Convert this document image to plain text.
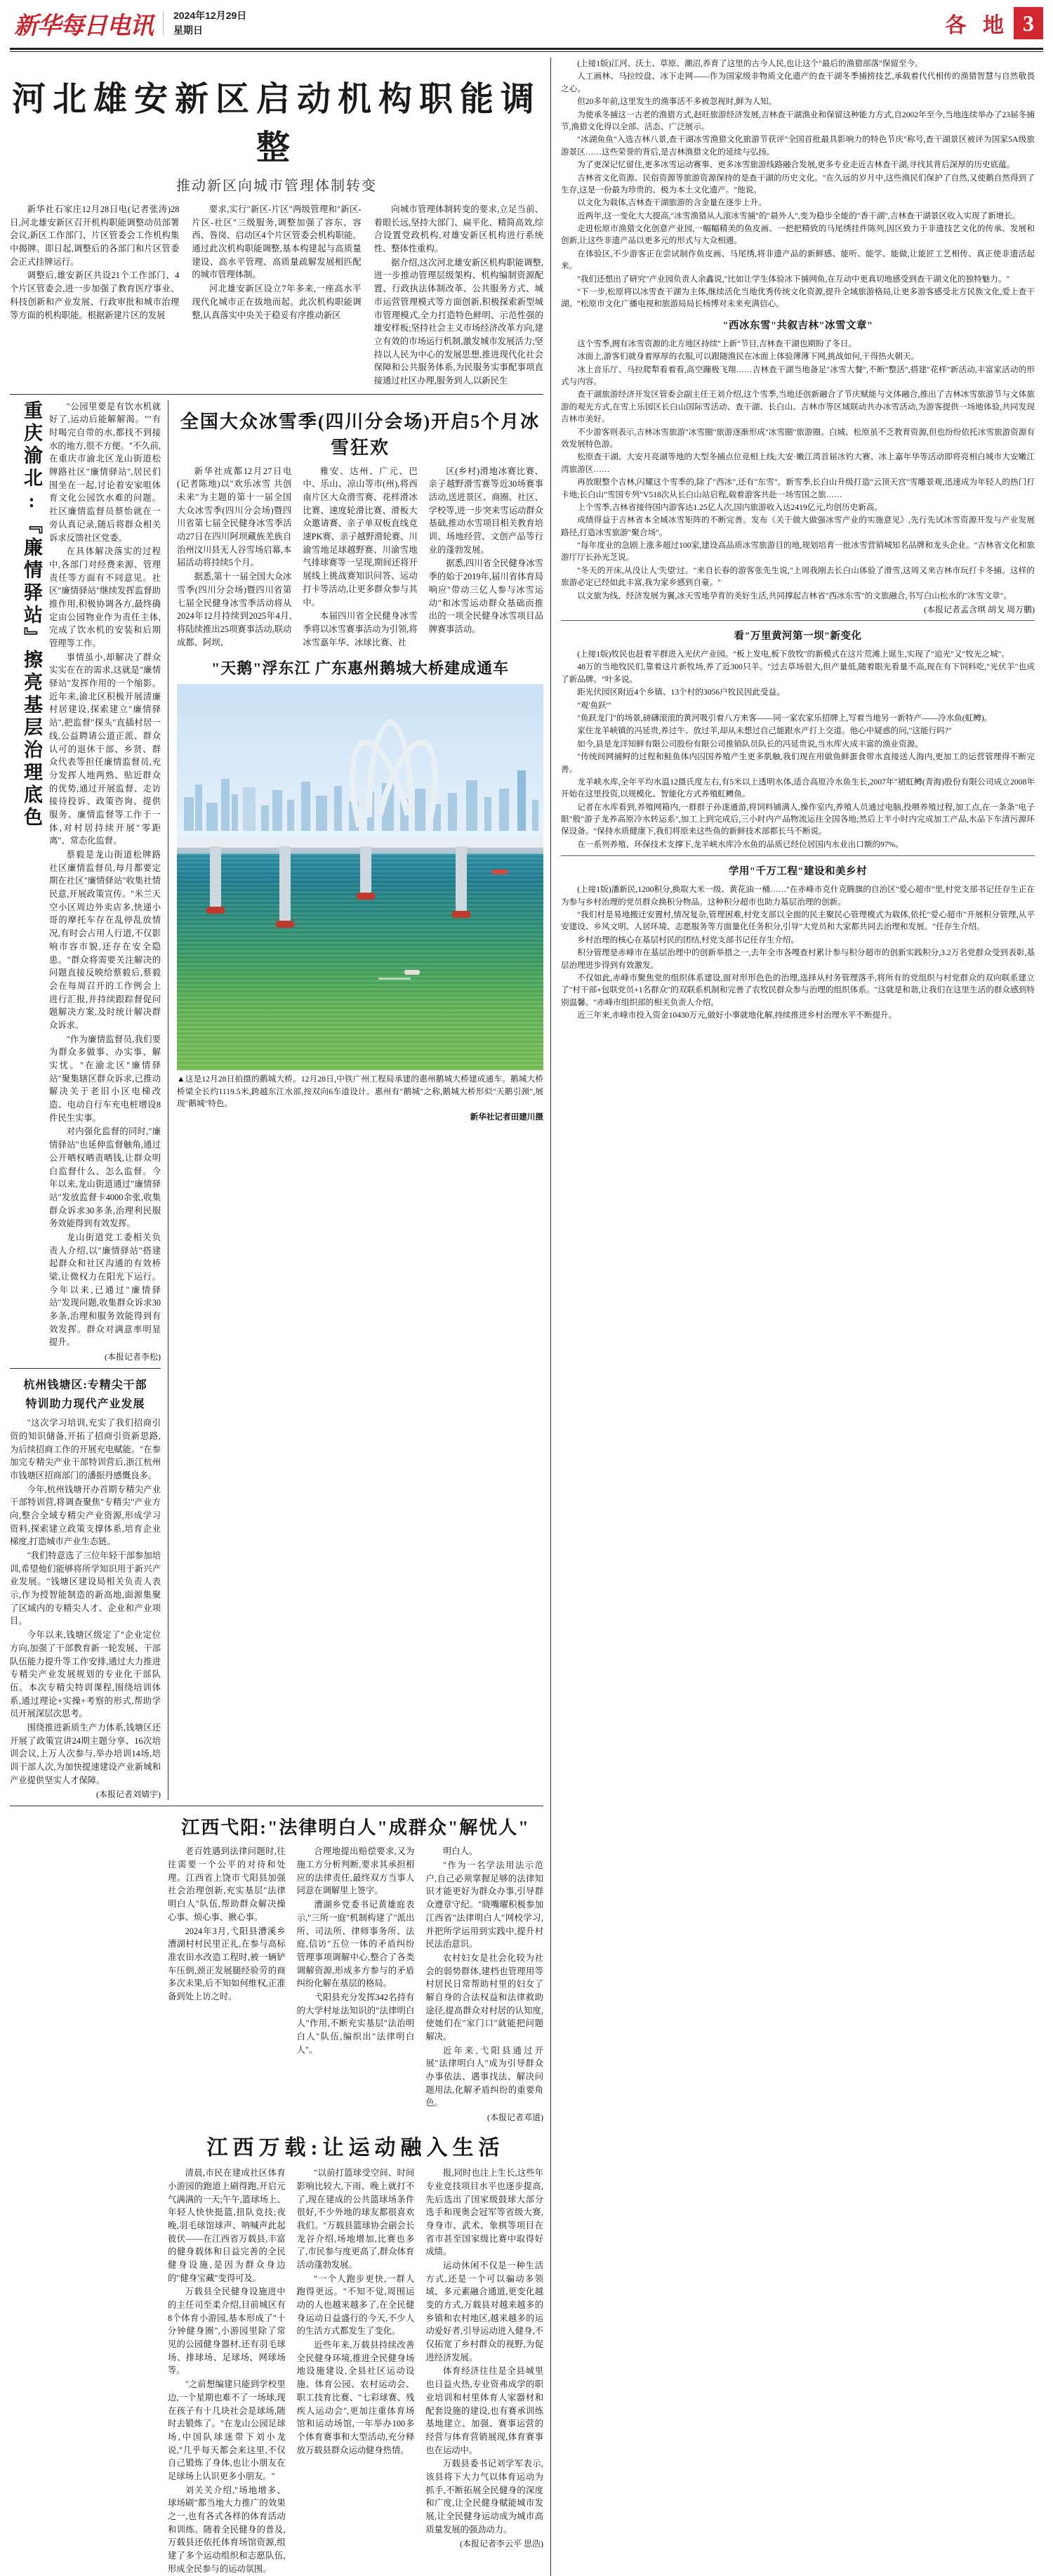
新华每日电讯 2024年12月29日
星期日	各 地 3
河北雄安新区启动机构职能调整
推动新区向城市管理体制转变

新华社石家庄12月28日电(记者张涛)28日,河北雄安新区召开机构职能调整动员部署会议,新区工作部门、片区管委会工作机构集中揭牌。即日起,调整后的各部门和片区管委会正式挂牌运行。

调整后,雄安新区共设21个工作部门、4个片区管委会,进一步加强了教育医疗事业、科技创新和产业发展、行政审批和城市治理等方面的机构职能。根据新建片区的发展

要求,实行"新区-片区"两级管理和"新区-片区-社区"三级服务,调整加强了容东、容西、昝岗、启动区4个片区管委会机构职能。通过此次机构职能调整,基本构建起与高质量建设、高水平管理、高质量疏解发展相匹配的城市管理体制。

河北雄安新区设立7年多来,一座高水平现代化城市正在拔地而起。此次机构职能调整,认真落实中央关于稳妥有序推动新区

向城市管理体制转变的要求,立足当前、着眼长远,坚持大部门、扁平化、精简高效,综合设置党政机构,对雄安新区机构进行系统性、整体性重构。

据介绍,这次河北雄安新区机构职能调整,进一步推动管理层级架构、机构编制资源配置、行政执法体制改革、公共服务方式、城市运营管理模式等方面创新,积极探索新型城市管理模式,全力打造特色鲜明、示范性强的雄安样板;坚持社会主义市场经济改革方向,建立有效的市场运行机制,激发城市发展活力;坚持以人民为中心的发展思想,推进现代化社会保障和公共服务体系,为民服务实事配事项直接通过社区办理,服务到人,以新民生

重庆渝北:『廉情驿站』擦亮基层治理底色	"公园里要是有饮水机就好了,运动后能解解渴。""有时喝完自带的水,都找不到接水的地方,很不方便。"不久前,在重庆市渝北区龙山街道松牌路社区"廉情驿站",居民们围坐在一起,讨论着安家咀体育文化公园饮水难的问题。社区廉情监督员蔡怡就在一旁认真记录,随后将群众相关诉求反馈社区党委。

在具体解决落实的过程中,各部门对经费来源、管理责任等方面有不同意见。社区"廉情驿站"继续发挥监督助推作用,积极协调各方,最终确定由公园物业作为责任主体,完成了饮水机的安装和后期管理等工作。

事情虽小,却解决了群众实实在在的需求,这就是"廉情驿站"发挥作用的一个缩影。近年来,渝北区积极开展清廉村居建设,探索建立"廉情驿站",把监督"探头"直插村居一线,公益聘请公道正派、群众认可的退休干部、乡贤、群众代表等担任廉情监督员,充分发挥人地两熟、贴近群众的优势,通过开展监督、走访接待投诉、政策咨询、提供服务、廉情监督等工作于一体,对村居持续开展"零距离"、常态化监督。

蔡毅是龙山街道松牌路社区廉情监督员,每月都要定期在社区"廉情驿站"收集社情民意,开展政策宣传。"米兰天空小区周边外卖店多,快递小哥的摩托车存在乱停乱放情况,有时会占用人行道,不仅影响市容市貌,还存在安全隐患。"群众将需要关注解决的问题直接反映给蔡毅后,蔡毅会在每周召开的工作例会上进行汇报,并持续跟踪督促问题解决方案,及时统计解决群众诉求。

"作为廉情监督员,我们要为群众多做事、办实事、解实忧。"在渝北区"廉情驿站"聚集辖区群众诉求,已推动解决关于老旧小区电梯改造、电动自行车充电桩增设8件民生实事。

对内强化监督的同时,"廉情驿站"也延伸监督触角,通过公开晒权晒责晒钱,让群众明白监督什么、怎么监督。今年以来,龙山街道通过"廉情驿站"发放监督卡4000余张,收集群众诉求30多条,治理利民服务效能得到有效发挥。

龙山街道党工委相关负责人介绍,以"廉情驿站"搭建起群众和社区沟通的有效桥梁,让微权力在阳光下运行。今年以来,已通过"廉情驿站"发现问题,收集群众诉求30多条,治理和服务效能得到有效发挥。群众对满意率明显提升。

(本报记者李松)
杭州钱塘区:专精尖干部
特训助力现代产业发展

"这次学习培训,充实了我们招商引资的知识储备,开拓了招商引资新思路,为后续招商工作的开展充电赋能。"在参加完专精尖产业干部特训营后,浙江杭州市钱塘区招商部门的潘振丹感慨良多。

今年,杭州钱塘开办首期专精尖产业干部特训营,将调查聚焦"专精尖"产业方向,整合全域专精尖产业资源,形成学习资料,探索建立政策支撑体系,培育企业梯度,打造城市产业生态链。

"我们特意选了三位年轻干部参加培训,希望他们能够将所学知识用于新兴产业发展。"钱塘区建设局相关负责人表示,作为授智能制造的新高地,面源集聚了区域内的专精尖人才、企业和产业项目。

今年以来,钱塘区级定了"企业定位方向,加强了干部教育新一轮发展、干部队伍能力提升等工作安排,通过大力推进专精尖产业发展规划的专业化干部队伍。本次专精尖特训课程,围绕培训体系,通过理论+实操+考察的形式,帮助学员开展深层次思考。

围绕推进新质生产力体系,钱塘区还开展了政策宣讲24期主题分享、16次培训会议,上万人次参与,举办培训14场,培训干部人次,为加快提速建设产业新城和产业提供坚实人才保障。

(本报记者刘婧宇)
全国大众冰雪季(四川分会场)开启5个月冰雪狂欢

新华社成都12月27日电(记者陈地)以"欢乐冰雪 共创未来"为主题的第十一届全国大众冰雪季(四川分会场)暨四川省第七届全民健身冰雪季活动27日在四川阿坝藏族羌族自治州汶川县无人谷雪场启幕,本届活动将持续5个月。

据悉,第十一届全国大众冰雪季(四川分会场)暨四川省第七届全民健身冰雪季活动将从2024年12月持续到2025年4月,将陆续推出25项赛事活动,联动成都、阿坝、

雅安、达州、广元、巴中、乐山、凉山等市(州),将西南片区大众滑雪赛、花样滑冰比赛、速度轮滑比赛、滑板大众邀请赛、亲子单双板直线竞速PK赛、亲子越野滑轮赛、川渝雪地足球越野赛、川渝雪地气排球赛等一呈现,期间还将开展线上挑战赛知识问答、运动打卡等活动,让更多群众参与其中。

本届四川省全民健身冰雪季将以冰雪赛事活动为引领,将冰雪嘉年华、冰球比赛、社

区(乡村)滑地冰赛比赛、亲子越野滑雪赛等近30场赛事活动,送进景区、商圈、社区、学校等,进一步突来雪运动群众基础,推动水雪项目相关教育培训、场地经营、文创产品等行业的蓬勃发展。

据悉,四川省全民健身冰雪季的始于2019年,届川省体育局响应"带动三亿人参与冰雪运动"和冰雪运动群众基础而推出的一项全民健身冰雪项目品牌赛事活动。

"天鹅"浮东江 广东惠州鹅城大桥建成通车

▲这是12月28日拍摄的鹅城大桥。12月28日,中铁广州工程局承建的惠州鹅城大桥建成通车。鹅城大桥桥梁全长约1119.5米,跨越东江水部,按双向6车道设计。惠州有"鹅城"之称,鹅城大桥形似"天鹅引颈",展现"鹅城"特色。

新华社记者田建川摄
江西弋阳:"法律明白人"成群众"解忧人"

老百姓遇到法律问题时,往往需要一个公平的对待和处理。江西省上饶市弋阳县加强社会治理创新,充实基层"法律明白人"队伍,帮助群众解决操心事、烦心事、揪心事。

2024年3月,弋阳县漕溪乡漕湖村村民里正礼,在参与高标准农田水改造工程时,被一辆铲车压倒,颈正发展腿经验劳的商多次未果,后不知如何维权,正准备到处上访之时。

合理地提出赔偿要求,又为施工方分析判断,要求其承担相应的法律责任,最终双方当事人同意在调解里上签字。

漕湖乡党委书记黄雄庭表示,"三所一庭"机制构建了"派出所、司法所、律师事务所、法庭,信访"五位一体的矛盾纠纷管理事项调解中心,整合了各类调解资源,形成多方参与的矛盾纠纷化解在基层的格局。

弋阳县充分发挥342名持有的大学村址法知识的"法律明白人"作用,不断充实基层"法治明白人"队伍,编织出"法律明白人"。

明白人。

"作为一名学法用法示范户,自己必须掌握足够的法律知识才能更好为群众办事,引导群众遵章守纪。"晓嘴曜积极参加江西省"法律明白人"网校学习,并把所学运用到实践中,提升村民法治意识。

农村妇女是社会化较为社会的弱势群体,建档也管理用等村居民日常帮助村里的妇女了解自身的合法权益和法律救助途径,提高群众对村居的认知度,使她们在"家门口"就能把问题解决。

近年来,弋阳县通过开展"法律明白人"成为引导群众办事依法、遇事找法、解决问题用法,化解矛盾纠纷的重要角色。

(本报记者邓道)
江西万载:让运动融入生活

清晨,市民在建成社区体育小游园的跑道上刷得跑,开启元气满满的一天;午午,篮球场上、年轻人快快挺篮,扭队竞技;夜晚,羽毛球馆球声、呐喊声此起彼伏——在江西省万载县,丰富的健身载体和日益完善的全民健身设施,是因为群众身边的"健身宝藏"变得可及。

万载县全民健身设施进中的主任司至柔介绍,目前城区有8个体育小游园,基本形成了"十分钟健身圈",小游园里除了常见的公园健身器材,还有羽毛球场、排球场、足球场、网球场等。

"之前想编建只能到学校里边,一个星期也难不了一场球,现在孩子有十几块社会是球场,随时去锻炼了。"在龙山公园足球场,中国队球迷带下刘小龙说,"几乎每天都会来这里,不仅自己锻炼了身体,也让小朋友在足球场上认识更多小朋友。"

刘关关介绍,"场地增多、球场刷"都当地大力推广的效果之一,也有各式各样的体育活动和训练。随着全民健身的普及,万载县还依托体育场馆资源,组建了多个运动组织和志愿队伍,形成全民参与的运动氛围。

"以前打篮球受空间、时间影响比较大,下雨、晚上就打不了,现在建成的公共篮球场条件很好,不少外地的球友都很喜欢我们。"万载县篮球协会副会长龙谷介绍,场地增加,比赛也多了,市民参与度更高了,群众体育活动蓬勃发展。

"一个人跑步更快,一群人跑得更远。"不知不觉,周围运动的人也越来越多了,在全民健身运动日益盛行的今天,不少人的生活方式都发生了变化。

近些年来,万载县持续改善全民健身环境,推进全民健身场地设施建设,全县社区运动设施、体育公园、农村运动会、职工技育比赛、"七彩球赛、残疾人运动会",更加注重体育场馆和运动场馆,一年举办100多个体育赛事和大型活动,充分释放万载县群众运动健身热情。

报,同时也注上生长,这些年专业竞技项目水平也逐步提高,先后选出了国家级鼓球大部分选手和现奥会冠军等省级大赛,身身市、武术、象棋等项目在省市甚至国家级比赛中取得好成绩。

运动休闲不仅是一种生活方式,还是一个可以骗动多领域、多元素融合通道,更变化越变的方式,万载县对越来越多的乡镇和农村地区,越来越多的运动爱好者,引导运动进入健身,不仅拓宽了乡村群众的视野,为促进经济发展。

体育经济往往是全县城里也日益火热,专业资弗成学的职业培训和村里体育人家器材和配套设施的建设,也有赛承训练基地建立、加强、赛事运营的经营与体育营销展现,体育赛事也在运动中。

万载县委书记刘学军表示,该县将下大力气以体育运动为抓手,不断拓展全民健身的深度和广度,让全民健身赋能城市发展,让全民健身运动成为城市高质量发展的强劲动力。

(本报记者李云平 思浩)

(上接1版)江河、沃土、草原、潮沼,养育了这里的古今人民,也让这个"最后的渔猎部落"保留至今。

人工画林、马拉绞盘、冰下走网——作为国家级非物质文化遗产的查干湖冬季捕捞技艺,承载着代代相传的渔猎智慧与自然敬畏之心。

但20多年前,这里发生的渔事活不多被忽视时,鲜为人知。

为使承冬捕这一古老的渔猎方式,赵旺旅游经济发展,吉林查干湖渔业和保留这种能力方式,自2002年至今,当地连续举办了23届冬捕节,渔猎文化得以全部、活态、广泛展示。

"冰湖鱼鱼"入选吉林八景,查干湖冰雪渔猎文化旅游节获评"全国首批最具影响力的特色节庆"称号,查干湖景区被评为国家5A级旅游景区……这些荣誉的背后,是吉林渔猎文化的延续与弘扬。

为了更深记忆留住,更多冰雪运动赛事、更多冰雪旅游线路融合发展,更多专业走近吉林查干湖,寻找其背后深厚的历史底蕴。

吉林省文化资源、民俗资源等旅游资源保持的是查干湖的历史文化。"在久远的岁月中,这些渔民们保护了自然,又使鹅自然得到了生存,这是一份最为珍贵的、极为本土文化遗产。"他说。

以文化为载体,吉林查干湖旅游的含金量在逐步上升。

近两年,这一变化大大提高,"冰雪渔猎从人滚冰雪捕"的"晨外人",变为稳步全能的"香干湖",吉林查干湖景区收入实现了新增长。

走进松原市渔猎文化创意产业园,一幅幅精美的鱼皮画、一把把精致的马尾绣挂件陈列,因区致力于非遗技艺文化的传承、发展和创新,让这些非遗产品以更多元的形式与大众相遇。

在体验区,不少游客正在尝试制作鱼皮画、马尾绣,将非遗产品的新鲜感、能听、能学、能做,让能匠工艺相传、真正使非遗活起来。

"我们还想出了研究"产业园负责人余鑫说,"比如让学生体验冰下捕网鱼,在互动中更真切地感受到查干湖文化的独特魅力。"

"下一步,松原将以冰雪查干湖为主体,继续活化当地优秀传统文化资源,提升全域旅游格局,让更多游客感受北方民族文化,爱上查干湖。"松原市文化广播电视和旅游局局长杨博对未来充满信心。

"西冰东雪"共叙吉林"冰雪文章"

这个雪季,拥有冰雪资源的北方地区持续"上新"节目,吉林查干湖也期盼了冬日。

冰面上,游客们就身着厚厚的衣服,可以跟随渔民在冰面上体验薄薄下网,挑战如何,干得热火朝天。

冰上音乐厅、马拉爬犁看着看,高空蹦极飞翔……吉林查干湖当地备足"冰雪大餐",不断"整活",搭建"花样"新活动,丰富家活动的形式与内容。

查干湖旅游经济开发区管委会副主任王刘介绍,这个雪季,当地还创新融合了节庆赋能与文体融合,推出了吉林冰雪旅游节与文体旅游的观光方式,在雪上乐园区长白山国际雪活动、查干湖、长白山、吉林市等区域联动共办冰雪活动,为游客提供一场地体验,共同发现吉林市美好。

不少游客则表示,吉林冰雪旅游"冰雪圈"旅游逐渐形成"冰雪圈"旅游圈。白城、松原虽不乏教育资源,但也纷纷依托冰雪旅游资源有效发展特色游。

松原查干湖、大安月亮湖等地的大型冬捕点位竞相上线;大安·嫩江湾首届冰钓大赛、冰上嘉年华等活动即将亮相白城市大安嫩江湾旅游区……

再放眼整个吉林,闪耀这个雪季的,除了"西冰",还有"东雪"。新雪季,长白山升级打造"云顶天宫"雪雕景观,迅速成为年轻人的热门打卡地;长白山"雪国专列"V518次从长白山站启程,载着游客共赴一场雪国之旅……

上个雪季,吉林省接待国内游客达1.25亿人次,国内旅游收入达2419亿元,均创历史新高。

成绩得益于吉林省本全域冰雪矩阵的不断完善。发布《关于做大做强冰雪产业的实施意见》,先行先试冰雪资源开发与产业发展路径,打造冰雪旅游"聚合场"。

"每年度业的急剧上涨多超过100家,建设高品质冰雪旅游目的地,规划培育一批冰雪营销城知名品牌和龙头企业。"吉林省文化和旅游厅厅长孙光芝说。

"冬天的开床,从没让人'失望'过。"来自长春的游客张先生说,"上周我刚去长白山体验了滑雪,这周又来吉林市玩打卡冬捕。这样的旅游必定已经如此丰富,我为家乡感到自豪。"

以文旅为线、经济发展为翼,冰天雪地孕育的美好生活,共同撑起吉林省"西冰东雪"的文旅融合,书写白山松水的"冰雪文章"。

(本报记者孟含琪 胡戈 周万鹏)
看"万里黄河第一坝"新变化

(上接1版)牧民也赶着羊群进入光伏产业园。"板上发电,板下放牧"的新模式在这片荒滩上诞生,实现了"追光"又"牧光之城"。

48万的当地牧民们,靠着这片新牧场,养了近300只羊。"过去草场很大,但产量低,随着眼光看量不高,现在有下饲料吃,"光伏羊"也成了新品牌。"叶多说。

距光伏园区附近4个乡镇、13个村的3056户牧民因此受益。

"观'鱼跃'"

"鱼跃龙门"的场景,磅礴滚滚的黄河吸引着八方来客——同一家农家乐招牌上,写着当地另一新特产——冷水鱼(虹鳟)。

家住龙羊峡镇的冯延贵,养过牛、放过羊,却从未想过自己能跟水产打上交道。他心中疑惑的问,"这能行吗?"

如今,县是龙洋知鲜有限公司股份有限公司推销队员队长的冯延贵说,当水库火成丰富的渔业资源。

"传统间网捕鲟的过程和鲑鱼体内囚国养殖产生更多肌触,我们现在用做鱼鲜蛋食带水直接送人海内,更加工的运营管理得不断完善。

龙羊峡水库,全年平均水温12摄氏度左右,有5米以上透明水体,适合高原冷水鱼生长,2007年"裙虹鳟(青海)股份有限公司成立2008年开始在这里投资,以规模化、智能化方式养殖虹鳟鱼。

记者在水库看到,养殖网箱内,一群群子孙遂通游,将饲料铺满人,操作室内,养殖人员通过电脑,投喂养殖过程,加工点,在一条条"电子眼"般"游子龙养高原冷水转运系",加工上到完成后,三小时内产品物流运往全国各地;然后上半小时内完成加工产品,水品下车清污源环保设备。"保持水质健康下,我们将原来这些鱼的新鲜技术部都长马不断说。

在一系列养殖、环保技术支撑下,龙羊峡水库冷水鱼的品质已经位居国内水业出口额的97%。

学用"千万工程"建设和美乡村

(上接1版)潘新民,1200积分,换取大米一级、黄花油一桶……"在赤峰市克什克腾旗的自治区"爱心超市"里,村党支部书记任存生正在为参与乡村治理的党员群众换积分物品。这种积分超市也助力基层治理的创新。

"我们村是易地搬迁安置村,情况复杂,管理困难,村党支部以全面的民主聚民心管理模式为载体,依托"爱心超市"开展积分管理,从平安建设、乡风文明、人居环境、志愿服务等方面量化任务积分,引导"大党员和大家都共同去治理和发展。"任存生介绍。

乡村治理的核心在基层村民的团结,村党支部书记任存生介绍。

积分管理是赤峰市在基层治理中的创新举措之一,去年全市各嘎查村累计参与积分超市的创新实践积分,3.2万名党群众受到表彰,基层治理进步得到有效激发。

不仅如此,赤峰市聚焦党的组织体系建设,面对形形色色的治理,选择从村务管理落手,将所有的党组织与村党群众的双向联系建立了"村干部+包联党员+1名群众"的双联系机制和完善了农牧民群众参与治理的组织体系。"这就是和谐,让我们在这里生活的群众感到特别温馨。"赤峰市组织部的相关负责人介绍。

近三年来,赤峰市投入资金10430万元,做好小事就地化解,持续推进乡村治理水平不断提升。
